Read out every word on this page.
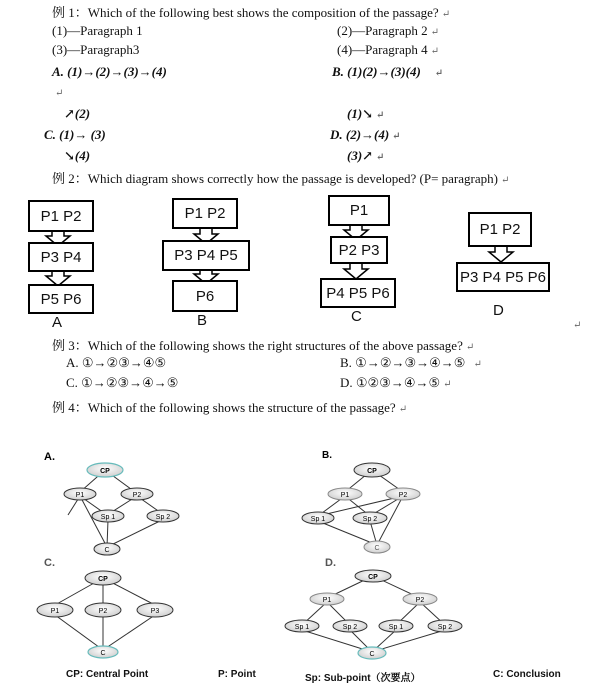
例 1：Which of the following best shows the composition of the passage? ↵
(1)—Paragraph 1	(2)—Paragraph 2 ↵
(3)—Paragraph3	(4)—Paragraph 4 ↵
A. (1)→(2)→(3)→(4)	B. (1)(2)→(3)(4) ↵
↵
↗(2)	(1)↘ ↵
C. (1)→ (3)	D. (2)→(4) ↵
↘(4)	(3)↗ ↵
例 2：Which diagram shows correctly how the passage is developed? (P= paragraph) ↵
P1 P2
P3 P4
P5 P6
A
P1 P2
P3 P4 P5
P6
B
P1
P2 P3
P4 P5 P6
C
P1 P2
P3 P4 P5 P6
D
↵
例 3：Which of the following shows the right structures of the above passage? ↵
A. ①→②③→④⑤	B. ①→②→③→④→⑤ ↵
C. ①→②③→④→⑤	D. ①②③→④→⑤ ↵
例 4：Which of the following shows the structure of the passage? ↵
A.	B.
C.	D.
CP
P1	P2
Sp 1	Sp 2
C
CP
P1	P2
Sp 1	Sp 2
C
CP
P1	P2	P3
C
CP
P1	P2
Sp 1	Sp 2	Sp 1	Sp 2
C
CP: Central Point	P: Point	Sp: Sub-point（次要点）	C: Conclusion
